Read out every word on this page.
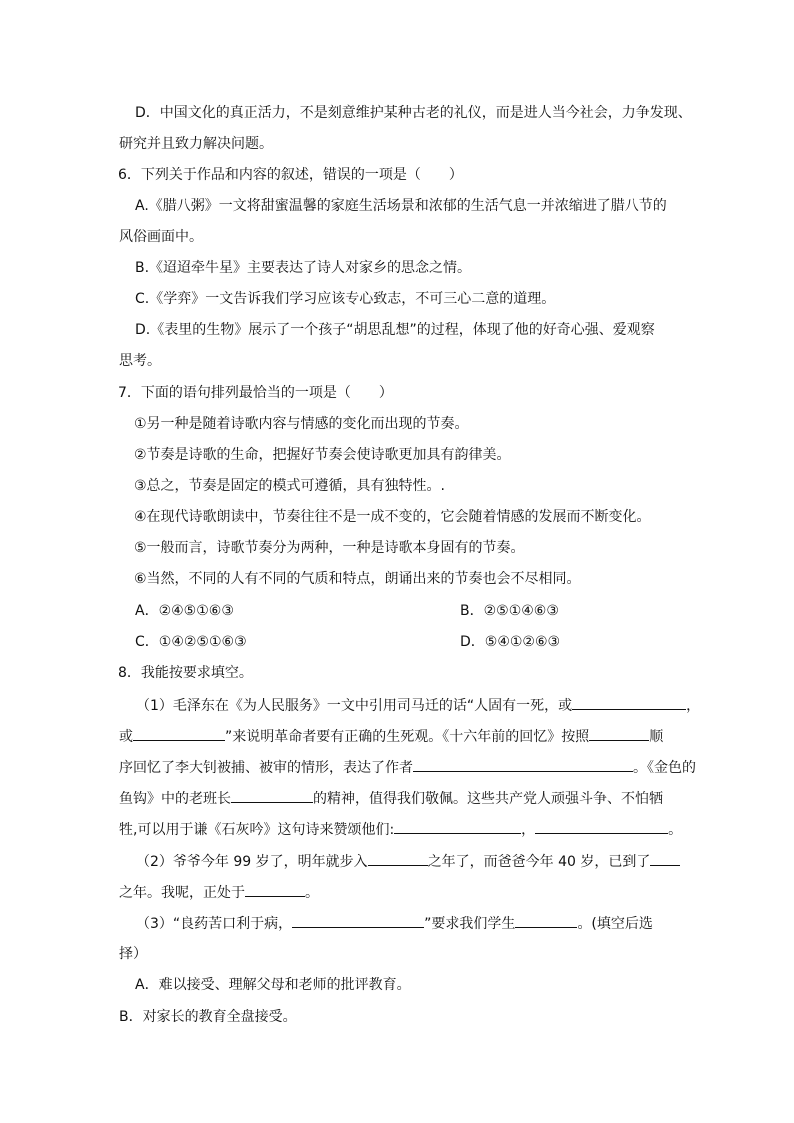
D．中国文化的真正活力，不是刻意维护某种古老的礼仪，而是进人当今社会，力争发现、
研究并且致力解决问题。
6．下列关于作品和内容的叙述，错误的一项是（　　）
A.《腊八粥》一文将甜蜜温馨的家庭生活场景和浓郁的生活气息一并浓缩进了腊八节的
风俗画面中。
B.《迢迢牵牛星》主要表达了诗人对家乡的思念之情。
C.《学弈》一文告诉我们学习应该专心致志，不可三心二意的道理。
D.《表里的生物》展示了一个孩子“胡思乱想”的过程，体现了他的好奇心强、爱观察
思考。
7．下面的语句排列最恰当的一项是（　　）
①另一种是随着诗歌内容与情感的变化而出现的节奏。
②节奏是诗歌的生命，把握好节奏会使诗歌更加具有韵律美。
③总之，节奏是固定的模式可遵循，具有独特性。.
④在现代诗歌朗读中，节奏往往不是一成不变的，它会随着情感的发展而不断变化。
⑤一般而言，诗歌节奏分为两种，一种是诗歌本身固有的节奏。
⑥当然，不同的人有不同的气质和特点，朗诵出来的节奏也会不尽相同。
A．②④⑤①⑥③	B．②⑤①④⑥③
C．①④②⑤①⑥③	D．⑤④①②⑥③
8．我能按要求填空。
（1）毛泽东在《为人民服务》一文中引用司马迁的话“人固有一死，或	，
或	”来说明革命者要有正确的生死观。《十六年前的回忆》按照	顺
序回忆了李大钊被捕、被审的情形，表达了作者	。《金色的
鱼钩》中的老班长	的精神，值得我们敬佩。这些共产党人顽强斗争、不怕牺
牲,可以用于谦《石灰吟》这句诗来赞颂他们:	，	。
（2）爷爷今年 99 岁了，明年就步入	之年了，而爸爸今年 40 岁，已到了
之年。我呢，正处于	。
（3）“良药苦口利于病，	”要求我们学生	。(填空后选
择）
A．难以接受、理解父母和老师的批评教育。
B．对家长的教育全盘接受。
